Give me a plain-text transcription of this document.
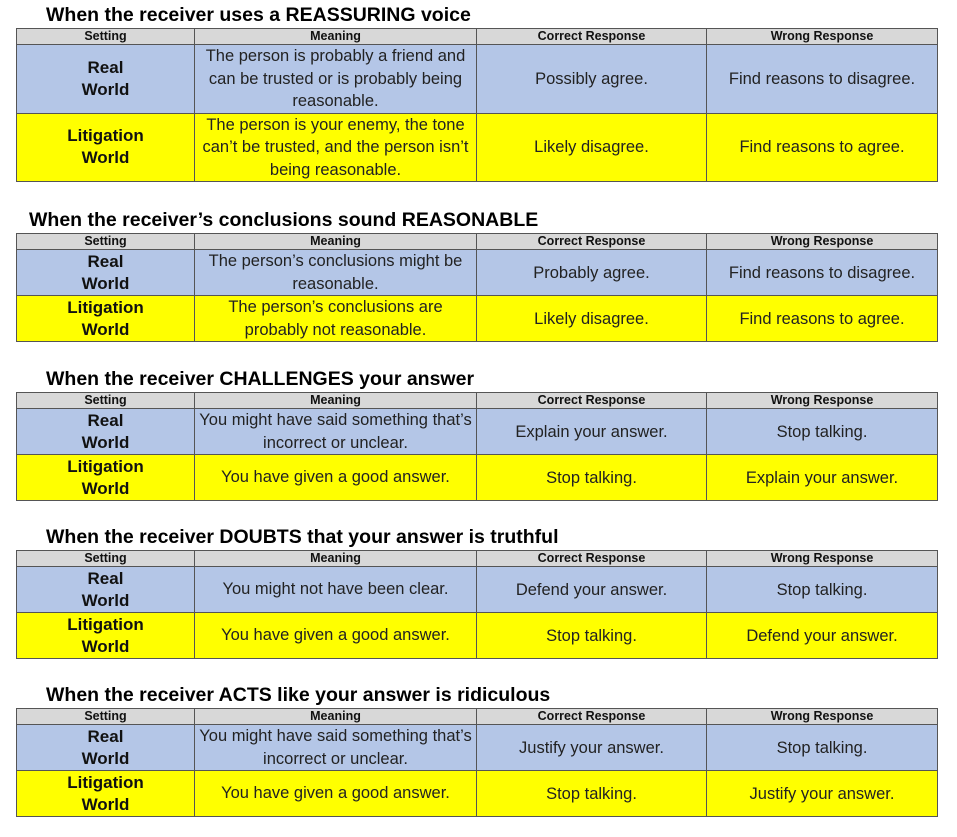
When the receiver uses a REASSURING voice
Setting	Meaning	Correct Response	Wrong Response

Real
World	The person is probably a friend and can be trusted or is probably being reasonable.	Possibly agree.	Find reasons to disagree.

Litigation
World	The person is your enemy, the tone can’t be trusted, and the person isn’t being reasonable.	Likely disagree.	Find reasons to agree.
When the receiver’s conclusions sound REASONABLE
Setting	Meaning	Correct Response	Wrong Response

Real
World	The person’s conclusions might be reasonable.	Probably agree.	Find reasons to disagree.

Litigation
World	The person’s conclusions are probably not reasonable.	Likely disagree.	Find reasons to agree.
When the receiver CHALLENGES your answer
Setting	Meaning	Correct Response	Wrong Response

Real
World	You might have said something that’s incorrect or unclear.	Explain your answer.	Stop talking.

Litigation
World	You have given a good answer.	Stop talking.	Explain your answer.
When the receiver DOUBTS that your answer is truthful
Setting	Meaning	Correct Response	Wrong Response

Real
World	You might not have been clear.	Defend your answer.	Stop talking.

Litigation
World	You have given a good answer.	Stop talking.	Defend your answer.
When the receiver ACTS like your answer is ridiculous
Setting	Meaning	Correct Response	Wrong Response

Real
World	You might have said something that’s incorrect or unclear.	Justify your answer.	Stop talking.

Litigation
World	You have given a good answer.	Stop talking.	Justify your answer.
